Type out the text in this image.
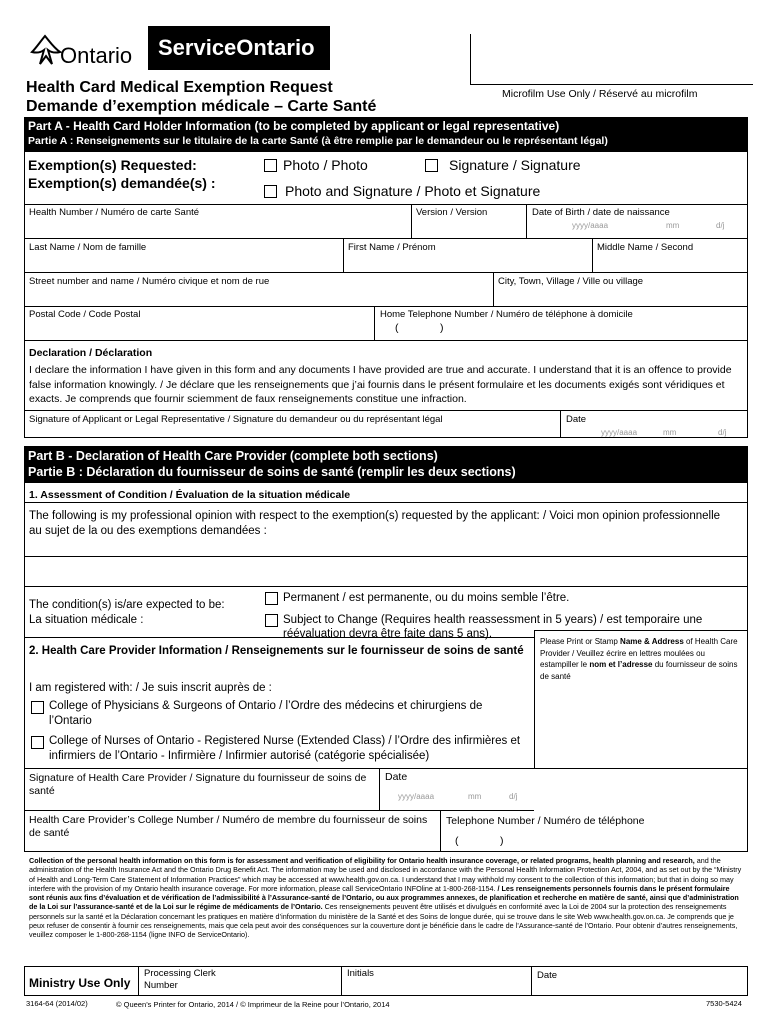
Ontario ServiceOntario
Microfilm Use Only / Réservé au microfilm
Health Card Medical Exemption Request
Demande d’exemption médicale – Carte Santé
Part A - Health Card Holder Information (to be completed by applicant or legal representative)
Partie A : Renseignements sur le titulaire de la carte Santé (à être remplie par le demandeur ou le représentant légal)
Exemption(s) Requested:
Exemption(s) demandée(s) :
Photo / Photo	Signature / Signature
Photo and Signature / Photo et Signature
Health Number / Numéro de carte Santé	Version / Version	Date of Birth / date de naissance
yyyy/aaaa	mm	d/j
Last Name / Nom de famille	First Name / Prénom	Middle Name / Second
Street number and name / Numéro civique et nom de rue	City, Town, Village / Ville ou village
Postal Code / Code Postal	Home Telephone Number / Numéro de téléphone à domicile
(	)
Declaration / Déclaration
I declare the information I have given in this form and any documents I have provided are true and accurate. I understand that it is an offence to provide false information knowingly. / Je déclare que les renseignements que j’ai fournis dans le présent formulaire et les documents exigés sont véridiques et exacts. Je comprends que fournir sciemment de faux renseignements constitue une infraction.
Signature of Applicant or Legal Representative / Signature du demandeur ou du représentant légal	Date
yyyy/aaaa	mm	d/j
Part B - Declaration of Health Care Provider (complete both sections)
Partie B : Déclaration du fournisseur de soins de santé (remplir les deux sections)
1. Assessment of Condition / Évaluation de la situation médicale
The following is my professional opinion with respect to the exemption(s) requested by the applicant: / Voici mon opinion professionnelle au sujet de la ou des exemptions demandées :
The condition(s) is/are expected to be:
La situation médicale :
Permanent / est permanente, ou du moins semble l’être.
Subject to Change (Requires health reassessment in 5 years) / est temporaire une réévaluation devra être faite dans 5 ans).
Please Print or Stamp Name & Address of Health Care Provider / Veuillez écrire en lettres moulées ou estampiller le nom et l’adresse du fournisseur de soins de santé
2. Health Care Provider Information / Renseignements sur le fournisseur de soins de santé
I am registered with: / Je suis inscrit auprès de :
College of Physicians & Surgeons of Ontario / l’Ordre des médecins et chirurgiens de l’Ontario
College of Nurses of Ontario - Registered Nurse (Extended Class) / l’Ordre des infirmières et infirmiers de l’Ontario - Infirmière / Infirmier autorisé (catégorie spécialisée)
Signature of Health Care Provider / Signature du fournisseur de soins de santé
Date
yyyy/aaaa	mm	d/j
Health Care Provider’s College Number / Numéro de membre du fournisseur de soins de santé
Telephone Number / Numéro de téléphone
(	)
Collection of the personal health information on this form is for assessment and verification of eligibility for Ontario health insurance coverage, or related programs, health planning and research, and the administration of the Health Insurance Act and the Ontario Drug Benefit Act. The information may be used and disclosed in accordance with the Personal Health Information Protection Act, 2004, and as set out by the “Ministry of Health and Long-Term Care Statement of Information Practices” which may be accessed at www.health.gov.on.ca. I understand that I may withhold my consent to the collection of this information; but that in doing so may interfere with the provision of my Ontario health insurance coverage. For more information, please call ServiceOntario INFOline at 1-800-268-1154. / Les renseignements personnels fournis dans le présent formulaire sont réunis aux fins d’évaluation et de vérification de l’admissibilité à l’Assurance-santé de l’Ontario, ou aux programmes annexes, de planification et recherche en matière de santé, ainsi que d’administration de la Loi sur l’assurance-santé et de la Loi sur le régime de médicaments de l’Ontario. Ces renseignements peuvent être utilisés et divulgués en conformité avec la Loi de 2004 sur la protection des renseignements personnels sur la santé et la Déclaration concernant les pratiques en matière d’information du ministère de la Santé et des Soins de longue durée, qui se trouve dans le site Web www.health.gov.on.ca. Je comprends que je peux refuser de consentir à fournir ces renseignements, mais que cela peut avoir des conséquences sur la couverture dont je bénéficie dans le cadre de l’Assurance-santé de l’Ontario. Pour obtenir d’autres renseignements, veuillez composer le 1-800-268-1154 (ligne INFO de ServiceOntario).
Ministry Use Only
Processing Clerk Number
Initials	Date
3164-64 (2014/02)	© Queen’s Printer for Ontario, 2014 / © Imprimeur de la Reine pour l’Ontario, 2014	7530-5424
